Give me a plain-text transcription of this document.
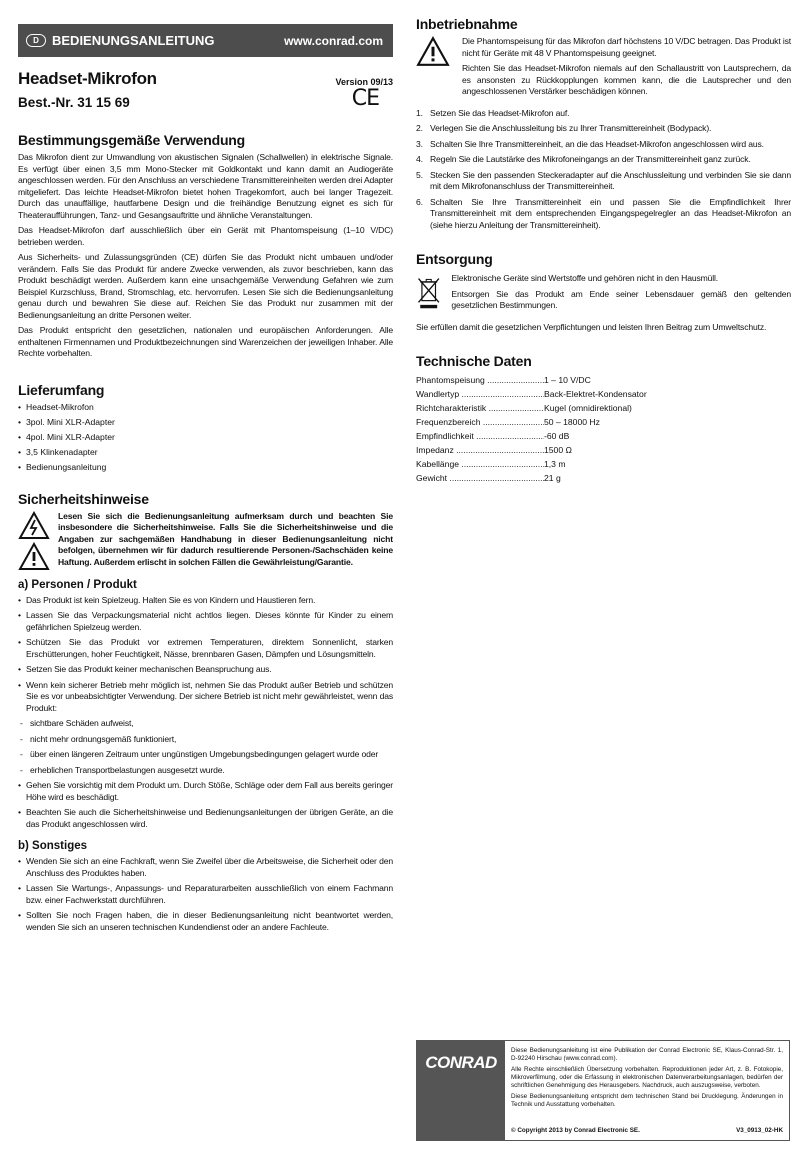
D	BEDIENUNGSANLEITUNG	www.conrad.com
Headset-Mikrofon	Version 09/13
Best.-Nr. 31 15 69	CE
Bestimmungsgemäße Verwendung

Das Mikrofon dient zur Umwandlung von akustischen Signalen (Schallwellen) in elektrische Signale. Es verfügt über einen 3,5 mm Mono-Stecker mit Goldkontakt und kann damit an Audiogeräte angeschlossen werden. Für den Anschluss an verschiedene Transmittereinheiten werden drei Adapter mitgeliefert. Das leichte Headset-Mikrofon bietet hohen Tragekomfort, auch bei langer Tragezeit. Durch das unauffällige, hautfarbene Design und die freihändige Benutzung eignet es sich für Theateraufführungen, Tanz- und Gesangsauftritte und ähnliche Veranstaltungen.

Das Headset-Mikrofon darf ausschließlich über ein Gerät mit Phantomspeisung (1–10 V/DC) betrieben werden.

Aus Sicherheits- und Zulassungsgründen (CE) dürfen Sie das Produkt nicht umbauen und/oder verändern. Falls Sie das Produkt für andere Zwecke verwenden, als zuvor beschrieben, kann das Produkt beschädigt werden. Außerdem kann eine unsachgemäße Verwendung Gefahren wie zum Beispiel Kurzschluss, Brand, Stromschlag, etc. hervorrufen. Lesen Sie sich die Bedienungsanleitung genau durch und bewahren Sie diese auf. Reichen Sie das Produkt nur zusammen mit der Bedienungsanleitung an dritte Personen weiter.

Das Produkt entspricht den gesetzlichen, nationalen und europäischen Anforderungen. Alle enthaltenen Firmennamen und Produktbezeichnungen sind Warenzeichen der jeweiligen Inhaber. Alle Rechte vorbehalten.

Lieferumfang
• Headset-Mikrofon
• 3pol. Mini XLR-Adapter
• 4pol. Mini XLR-Adapter
• 3,5 Klinkenadapter
• Bedienungsanleitung
Sicherheitshinweise

Lesen Sie sich die Bedienungsanleitung aufmerksam durch und beachten Sie insbesondere die Sicherheitshinweise. Falls Sie die Sicherheitshinweise und die Angaben zur sachgemäßen Handhabung in dieser Bedienungsanleitung nicht befolgen, übernehmen wir für dadurch resultierende Personen-/Sachschäden keine Haftung. Außerdem erlischt in solchen Fällen die Gewährleistung/Garantie.

a) Personen / Produkt
• Das Produkt ist kein Spielzeug. Halten Sie es von Kindern und Haustieren fern.
• Lassen Sie das Verpackungsmaterial nicht achtlos liegen. Dieses könnte für Kinder zu einem gefährlichen Spielzeug werden.
• Schützen Sie das Produkt vor extremen Temperaturen, direktem Sonnenlicht, starken Erschütterungen, hoher Feuchtigkeit, Nässe, brennbaren Gasen, Dämpfen und Lösungsmitteln.
• Setzen Sie das Produkt keiner mechanischen Beanspruchung aus.
• Wenn kein sicherer Betrieb mehr möglich ist, nehmen Sie das Produkt außer Betrieb und schützen Sie es vor unbeabsichtigter Verwendung. Der sichere Betrieb ist nicht mehr gewährleistet, wenn das Produkt:
- sichtbare Schäden aufweist,
- nicht mehr ordnungsgemäß funktioniert,
- über einen längeren Zeitraum unter ungünstigen Umgebungsbedingungen gelagert wurde oder
- erheblichen Transportbelastungen ausgesetzt wurde.
• Gehen Sie vorsichtig mit dem Produkt um. Durch Stöße, Schläge oder dem Fall aus bereits geringer Höhe wird es beschädigt.
• Beachten Sie auch die Sicherheitshinweise und Bedienungsanleitungen der übrigen Geräte, an die das Produkt angeschlossen wird.
b) Sonstiges
• Wenden Sie sich an eine Fachkraft, wenn Sie Zweifel über die Arbeitsweise, die Sicherheit oder den Anschluss des Produktes haben.
• Lassen Sie Wartungs-, Anpassungs- und Reparaturarbeiten ausschließlich von einem Fachmann bzw. einer Fachwerkstatt durchführen.
• Sollten Sie noch Fragen haben, die in dieser Bedienungsanleitung nicht beantwortet werden, wenden Sie sich an unseren technischen Kundendienst oder an andere Fachleute.
Inbetriebnahme

Die Phantomspeisung für das Mikrofon darf höchstens 10 V/DC betragen. Das Produkt ist nicht für Geräte mit 48 V Phantomspeisung geeignet.

Richten Sie das Headset-Mikrofon niemals auf den Schallaustritt von Lautsprechern, da es ansonsten zu Rückkopplungen kommen kann, die die Lautsprecher und den angeschlossenen Verstärker beschädigen können.

1. Setzen Sie das Headset-Mikrofon auf.
2. Verlegen Sie die Anschlussleitung bis zu Ihrer Transmittereinheit (Bodypack).
3. Schalten Sie Ihre Transmittereinheit, an die das Headset-Mikrofon angeschlossen wird aus.
4. Regeln Sie die Lautstärke des Mikrofoneingangs an der Transmittereinheit ganz zurück.
5. Stecken Sie den passenden Steckeradapter auf die Anschlussleitung und verbinden Sie sie dann mit dem Mikrofonanschluss der Transmittereinheit.
6. Schalten Sie Ihre Transmittereinheit ein und passen Sie die Empfindlichkeit Ihrer Transmittereinheit mit dem entsprechenden Eingangspegelregler an das Headset-Mikrofon an (siehe hierzu Anleitung der Transmittereinheit).
Entsorgung

Elektronische Geräte sind Wertstoffe und gehören nicht in den Hausmüll.

Entsorgen Sie das Produkt am Ende seiner Lebensdauer gemäß den geltenden gesetzlichen Bestimmungen.

Sie erfüllen damit die gesetzlichen Verpflichtungen und leisten Ihren Beitrag zum Umweltschutz.

Technische Daten
Phantomspeisung .....	1 – 10 V/DC
Wandlertyp .....	Back-Elektret-Kondensator
Richtcharakteristik .....	Kugel (omnidirektional)
Frequenzbereich .....	50 – 18000 Hz
Empfindlichkeit .....	-60 dB
Impedanz .....	1500 Ω
Kabellänge .....	1,3 m
Gewicht .....	21 g
CONRAD

Diese Bedienungsanleitung ist eine Publikation der Conrad Electronic SE, Klaus-Conrad-Str. 1, D-92240 Hirschau (www.conrad.com).

Alle Rechte einschließlich Übersetzung vorbehalten. Reproduktionen jeder Art, z. B. Fotokopie, Mikroverfilmung, oder die Erfassung in elektronischen Datenverarbeitungsanlagen, bedürfen der schriftlichen Genehmigung des Herausgebers. Nachdruck, auch auszugsweise, verboten.

Diese Bedienungsanleitung entspricht dem technischen Stand bei Drucklegung. Änderungen in Technik und Ausstattung vorbehalten.

© Copyright 2013 by Conrad Electronic SE.	V3_0913_02-HK
